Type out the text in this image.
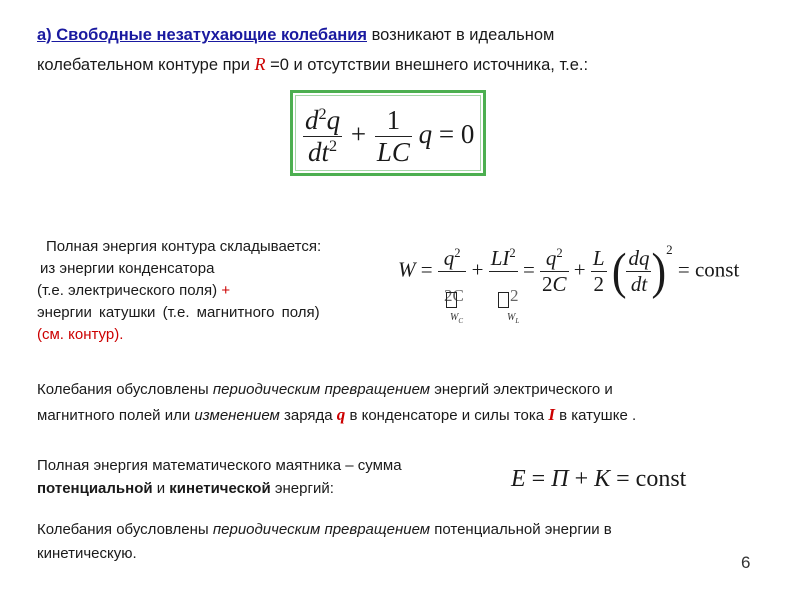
а) Свободные незатухающие колебания возникают в идеальном
колебательном контуре при R =0 и отсутствии внешнего источника, т.е.:
$\frac{d^2q}{dt^2} + \frac{1}{LC}$ q = 0
Полная энергия контура складывается:
из энергии конденсатора
(т.е. электрического поля) +
энергии катушки (т.е. магнитного поля)
(см. контур).
$W = q^2$
+ $LI^2$
= $\frac{q^2}{2C} + \frac{L}{2}$ ( $\frac{dq}{dt} )^2$ = const
2C
$W_C$
2
$W_L$
Колебания обусловлены периодическим превращением энергий электрического и
магнитного полей или изменением заряда q в конденсаторе и силы тока I в катушке .
Полная энергия математического маятника – сумма
потенциальной и кинетической энергий:	E = П + K = const
Колебания обусловлены периодическим превращением потенциальной энергии в
кинетическую.	6
